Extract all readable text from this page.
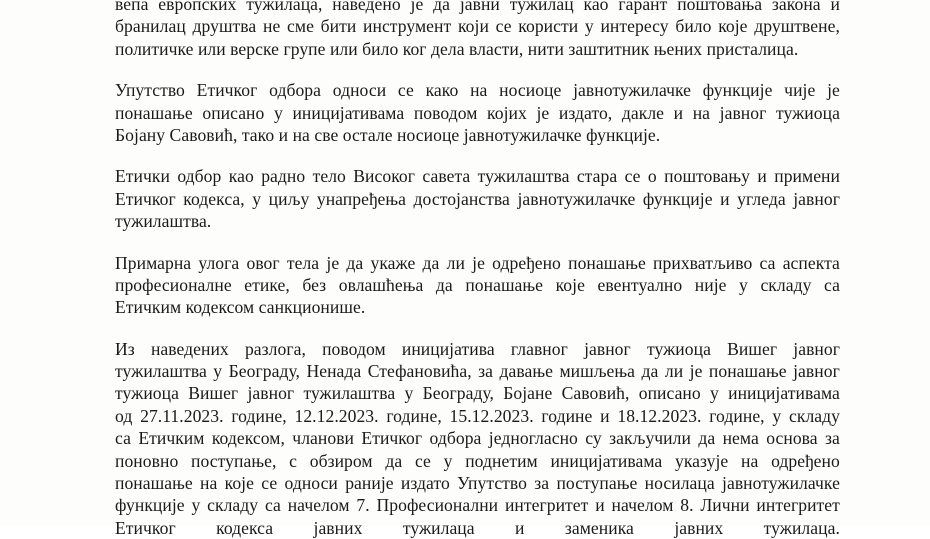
вепа европских тужилаца, наведено је да јавни тужилац као гарант поштовања закона и
бранилац друштва не сме бити инструмент који се користи у интересу било које друштвене,
политичке или верске групе или било ког дела власти, нити заштитник њених присталица.
Упутство Етичког одбора односи се како на носиоце јавнотужилачке функције чије је
понашање описано у иницијативама поводом којих је издато, дакле и на јавног тужиоца
Бојану Савовић, тако и на све остале носиоце јавнотужилачке функције.
Етички одбор као радно тело Високог савета тужилаштва стара се о поштовању и примени
Етичког кодекса, у циљу унапређења достојанства јавнотужилачке функције и угледа јавног
тужилаштва.
Примарна улога овог тела је да укаже да ли је одређено понашање прихватљиво са аспекта
професионалне етике, без овлашћења да понашање које евентуално није у складу са
Етичким кодексом санкционише.
Из наведених разлога, поводом иницијатива главног јавног тужиоца Вишег јавног
тужилаштва у Београду, Ненада Стефановића, за давање мишљења да ли је понашање јавног
тужиоца Вишег јавног тужилаштва у Београду, Бојане Савовић, описано у иницијативама
од 27.11.2023. године, 12.12.2023. године, 15.12.2023. године и 18.12.2023. године, у складу
са Етичким кодексом, чланови Етичког одбора једногласно су закључили да нема основа за
поновно поступање, с обзиром да се у поднетим иницијативама указује на одређено
понашање на које се односи раније издато Упутство за поступање носилаца јавнотужилачке
функције у складу са начелом 7. Професионални интегритет и начелом 8. Лични интегритет
Етичког кодекса јавних тужилаца и заменика јавних тужилаца.
